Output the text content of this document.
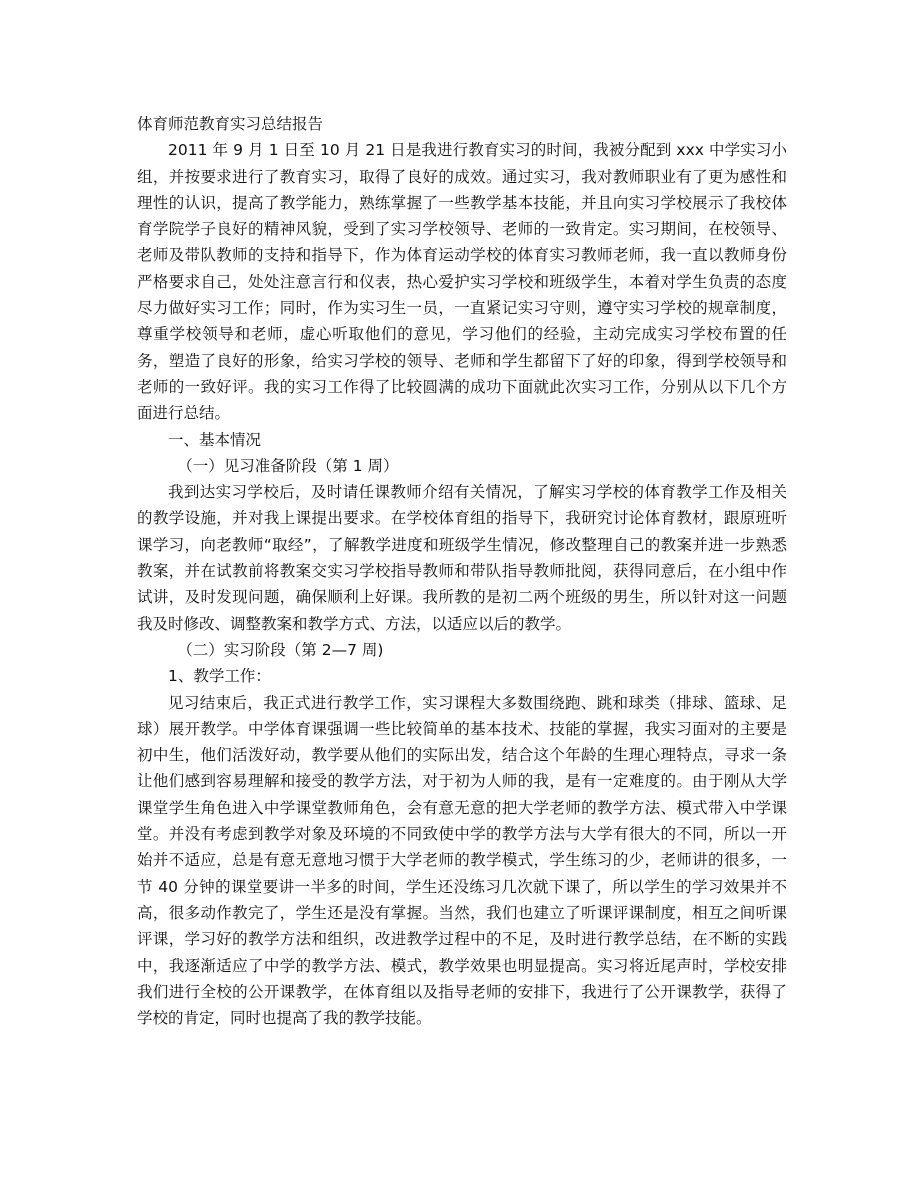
体育师范教育实习总结报告

2011 年 9 月 1 日至 10 月 21 日是我进行教育实习的时间，我被分配到 xxx 中学实习小组，并按要求进行了教育实习，取得了良好的成效。通过实习，我对教师职业有了更为感性和理性的认识，提高了教学能力，熟练掌握了一些教学基本技能，并且向实习学校展示了我校体育学院学子良好的精神风貌，受到了实习学校领导、老师的一致肯定。实习期间，在校领导、老师及带队教师的支持和指导下，作为体育运动学校的体育实习教师老师，我一直以教师身份严格要求自己，处处注意言行和仪表，热心爱护实习学校和班级学生，本着对学生负责的态度尽力做好实习工作；同时，作为实习生一员，一直紧记实习守则，遵守实习学校的规章制度，尊重学校领导和老师，虚心听取他们的意见，学习他们的经验，主动完成实习学校布置的任务，塑造了良好的形象，给实习学校的领导、老师和学生都留下了好的印象，得到学校领导和老师的一致好评。我的实习工作得了比较圆满的成功下面就此次实习工作，分别从以下几个方面进行总结。

一、基本情况

（一）见习准备阶段（第 1 周）

我到达实习学校后，及时请任课教师介绍有关情况，了解实习学校的体育教学工作及相关的教学设施，并对我上课提出要求。在学校体育组的指导下，我研究讨论体育教材，跟原班听课学习，向老教师“取经”，了解教学进度和班级学生情况，修改整理自己的教案并进一步熟悉教案，并在试教前将教案交实习学校指导教师和带队指导教师批阅，获得同意后，在小组中作试讲，及时发现问题，确保顺利上好课。我所教的是初二两个班级的男生，所以针对这一问题我及时修改、调整教案和教学方式、方法，以适应以后的教学。

（二）实习阶段（第 2—7 周)

1、教学工作：

见习结束后，我正式进行教学工作，实习课程大多数围绕跑、跳和球类（排球、篮球、足球）展开教学。中学体育课强调一些比较简单的基本技术、技能的掌握，我实习面对的主要是初中生，他们活泼好动，教学要从他们的实际出发，结合这个年龄的生理心理特点，寻求一条让他们感到容易理解和接受的教学方法，对于初为人师的我，是有一定难度的。由于刚从大学课堂学生角色进入中学课堂教师角色，会有意无意的把大学老师的教学方法、模式带入中学课堂。并没有考虑到教学对象及环境的不同致使中学的教学方法与大学有很大的不同，所以一开始并不适应，总是有意无意地习惯于大学老师的教学模式，学生练习的少，老师讲的很多，一节 40 分钟的课堂要讲一半多的时间，学生还没练习几次就下课了，所以学生的学习效果并不高，很多动作教完了，学生还是没有掌握。当然，我们也建立了听课评课制度，相互之间听课评课，学习好的教学方法和组织，改进教学过程中的不足，及时进行教学总结，在不断的实践中，我逐渐适应了中学的教学方法、模式，教学效果也明显提高。实习将近尾声时，学校安排我们进行全校的公开课教学，在体育组以及指导老师的安排下，我进行了公开课教学，获得了学校的肯定，同时也提高了我的教学技能。
